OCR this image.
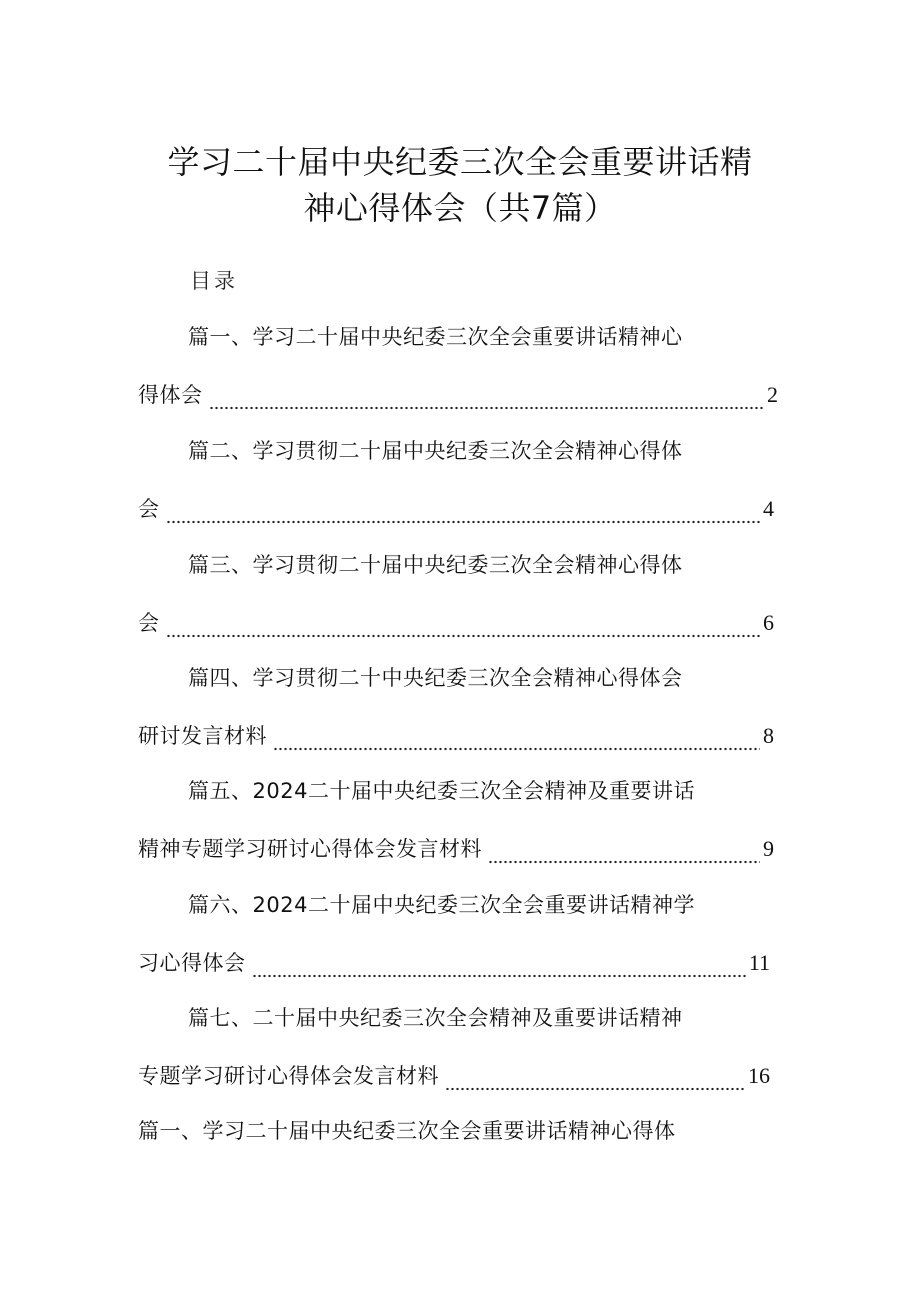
学习二十届中央纪委三次全会重要讲话精
神心得体会（共7篇）
目录
篇一、学习二十届中央纪委三次全会重要讲话精神心
得体会	2
篇二、学习贯彻二十届中央纪委三次全会精神心得体
会	4
篇三、学习贯彻二十届中央纪委三次全会精神心得体
会	6
篇四、学习贯彻二十中央纪委三次全会精神心得体会
研讨发言材料	8
篇五、2024二十届中央纪委三次全会精神及重要讲话
精神专题学习研讨心得体会发言材料	9
篇六、2024二十届中央纪委三次全会重要讲话精神学
习心得体会	11
篇七、二十届中央纪委三次全会精神及重要讲话精神
专题学习研讨心得体会发言材料	16
篇一、学习二十届中央纪委三次全会重要讲话精神心得体
